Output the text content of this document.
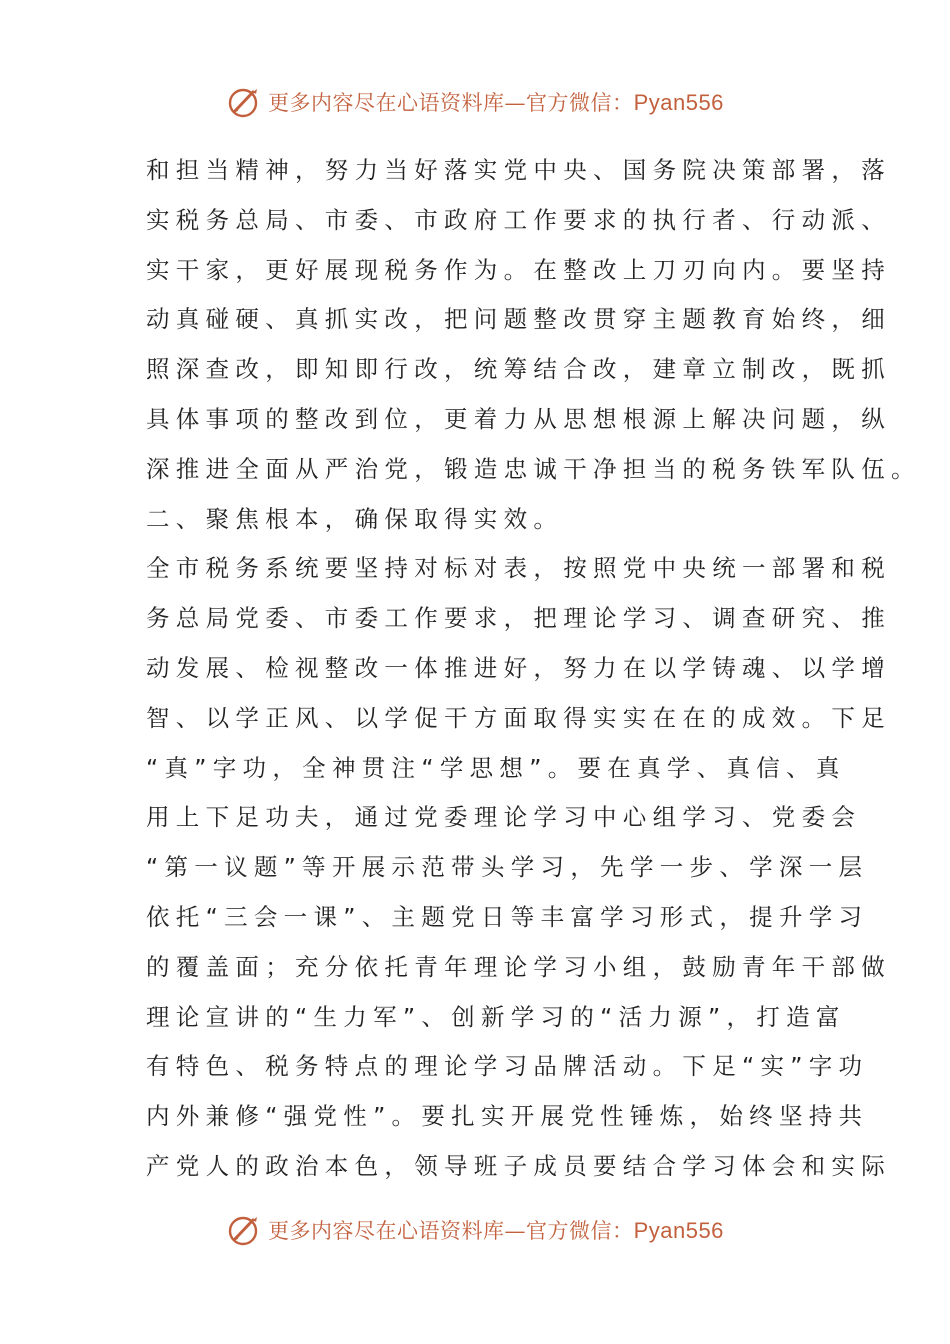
更多内容尽在心语资料库—官方微信：Pyan556
和担当精神，努力当好落实党中央、国务院决策部署，落
实税务总局、市委、市政府工作要求的执行者、行动派、
实干家，更好展现税务作为。在整改上刀刃向内。要坚持
动真碰硬、真抓实改，把问题整改贯穿主题教育始终，细
照深查改，即知即行改，统筹结合改，建章立制改，既抓
具体事项的整改到位，更着力从思想根源上解决问题，纵
深推进全面从严治党，锻造忠诚干净担当的税务铁军队伍。
二、聚焦根本，确保取得实效。
全市税务系统要坚持对标对表，按照党中央统一部署和税
务总局党委、市委工作要求，把理论学习、调查研究、推
动发展、检视整改一体推进好，努力在以学铸魂、以学增
智、以学正风、以学促干方面取得实实在在的成效。下足
“真”字功，全神贯注“学思想”。要在真学、真信、真
用上下足功夫，通过党委理论学习中心组学习、党委会
“第一议题”等开展示范带头学习，先学一步、学深一层
依托“三会一课”、主题党日等丰富学习形式，提升学习
的覆盖面；充分依托青年理论学习小组，鼓励青年干部做
理论宣讲的“生力军”、创新学习的“活力源”，打造富
有特色、税务特点的理论学习品牌活动。下足“实”字功
内外兼修“强党性”。要扎实开展党性锤炼，始终坚持共
产党人的政治本色，领导班子成员要结合学习体会和实际
更多内容尽在心语资料库—官方微信：Pyan556
